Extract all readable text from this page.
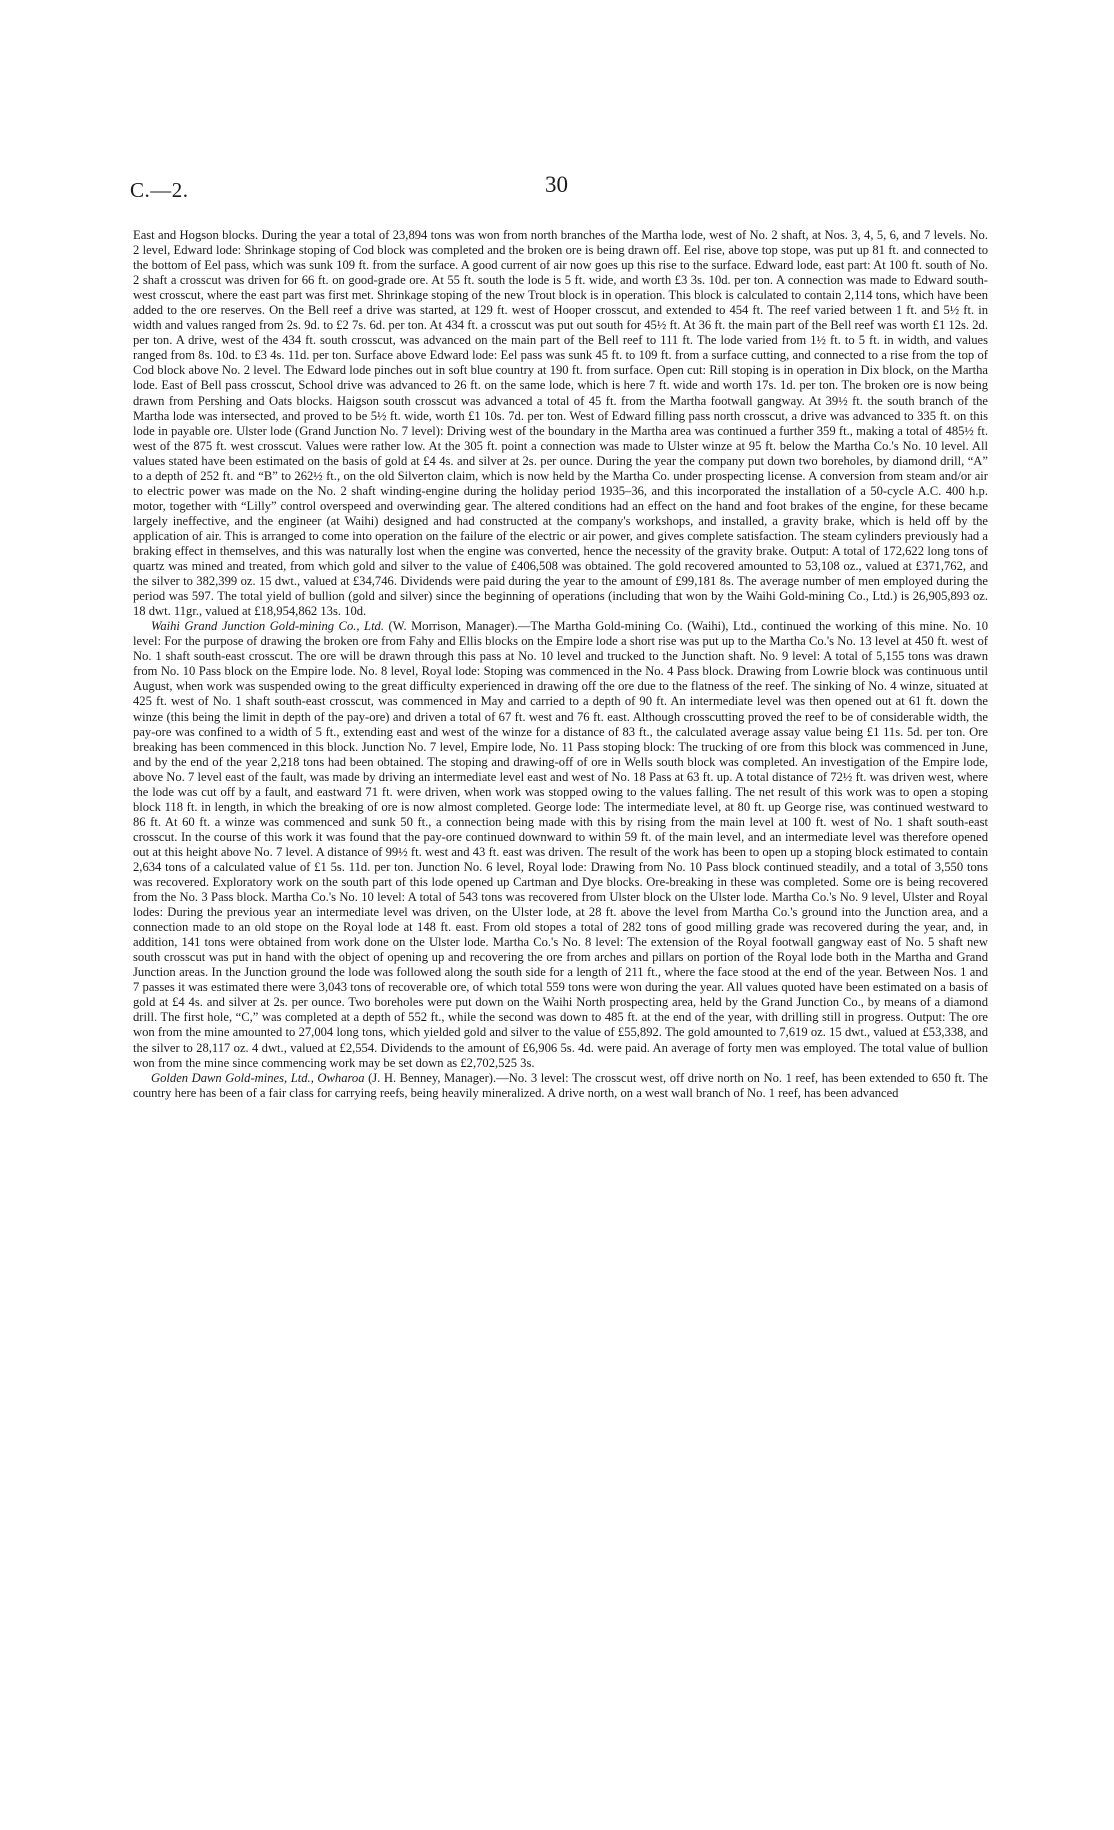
C.—2.	30

East and Hogson blocks. During the year a total of 23,894 tons was won from north branches of the Martha lode, west of No. 2 shaft, at Nos. 3, 4, 5, 6, and 7 levels. No. 2 level, Edward lode: Shrinkage stoping of Cod block was completed and the broken ore is being drawn off. Eel rise, above top stope, was put up 81 ft. and connected to the bottom of Eel pass, which was sunk 109 ft. from the surface. A good current of air now goes up this rise to the surface. Edward lode, east part: At 100 ft. south of No. 2 shaft a crosscut was driven for 66 ft. on good-grade ore. At 55 ft. south the lode is 5 ft. wide, and worth £3 3s. 10d. per ton. A connection was made to Edward south-west crosscut, where the east part was first met. Shrinkage stoping of the new Trout block is in operation. This block is calculated to contain 2,114 tons, which have been added to the ore reserves. On the Bell reef a drive was started, at 129 ft. west of Hooper crosscut, and extended to 454 ft. The reef varied between 1 ft. and 5½ ft. in width and values ranged from 2s. 9d. to £2 7s. 6d. per ton. At 434 ft. a crosscut was put out south for 45½ ft. At 36 ft. the main part of the Bell reef was worth £1 12s. 2d. per ton. A drive, west of the 434 ft. south crosscut, was advanced on the main part of the Bell reef to 111 ft. The lode varied from 1½ ft. to 5 ft. in width, and values ranged from 8s. 10d. to £3 4s. 11d. per ton. Surface above Edward lode: Eel pass was sunk 45 ft. to 109 ft. from a surface cutting, and connected to a rise from the top of Cod block above No. 2 level. The Edward lode pinches out in soft blue country at 190 ft. from surface. Open cut: Rill stoping is in operation in Dix block, on the Martha lode. East of Bell pass crosscut, School drive was advanced to 26 ft. on the same lode, which is here 7 ft. wide and worth 17s. 1d. per ton. The broken ore is now being drawn from Pershing and Oats blocks. Haigson south crosscut was advanced a total of 45 ft. from the Martha footwall gangway. At 39½ ft. the south branch of the Martha lode was intersected, and proved to be 5½ ft. wide, worth £1 10s. 7d. per ton. West of Edward filling pass north crosscut, a drive was advanced to 335 ft. on this lode in payable ore. Ulster lode (Grand Junction No. 7 level): Driving west of the boundary in the Martha area was continued a further 359 ft., making a total of 485½ ft. west of the 875 ft. west crosscut. Values were rather low. At the 305 ft. point a connection was made to Ulster winze at 95 ft. below the Martha Co.'s No. 10 level. All values stated have been estimated on the basis of gold at £4 4s. and silver at 2s. per ounce. During the year the company put down two boreholes, by diamond drill, “A” to a depth of 252 ft. and “B” to 262½ ft., on the old Silverton claim, which is now held by the Martha Co. under prospecting license. A conversion from steam and/or air to electric power was made on the No. 2 shaft winding-engine during the holiday period 1935–36, and this incorporated the installation of a 50-cycle A.C. 400 h.p. motor, together with “Lilly” control overspeed and overwinding gear. The altered conditions had an effect on the hand and foot brakes of the engine, for these became largely ineffective, and the engineer (at Waihi) designed and had constructed at the company's workshops, and installed, a gravity brake, which is held off by the application of air. This is arranged to come into operation on the failure of the electric or air power, and gives complete satisfaction. The steam cylinders previously had a braking effect in themselves, and this was naturally lost when the engine was converted, hence the necessity of the gravity brake. Output: A total of 172,622 long tons of quartz was mined and treated, from which gold and silver to the value of £406,508 was obtained. The gold recovered amounted to 53,108 oz., valued at £371,762, and the silver to 382,399 oz. 15 dwt., valued at £34,746. Dividends were paid during the year to the amount of £99,181 8s. The average number of men employed during the period was 597. The total yield of bullion (gold and silver) since the beginning of operations (including that won by the Waihi Gold-mining Co., Ltd.) is 26,905,893 oz. 18 dwt. 11gr., valued at £18,954,862 13s. 10d.

Waihi Grand Junction Gold-mining Co., Ltd. (W. Morrison, Manager).—The Martha Gold-mining Co. (Waihi), Ltd., continued the working of this mine. No. 10 level: For the purpose of drawing the broken ore from Fahy and Ellis blocks on the Empire lode a short rise was put up to the Martha Co.'s No. 13 level at 450 ft. west of No. 1 shaft south-east crosscut. The ore will be drawn through this pass at No. 10 level and trucked to the Junction shaft. No. 9 level: A total of 5,155 tons was drawn from No. 10 Pass block on the Empire lode. No. 8 level, Royal lode: Stoping was commenced in the No. 4 Pass block. Drawing from Lowrie block was continuous until August, when work was suspended owing to the great difficulty experienced in drawing off the ore due to the flatness of the reef. The sinking of No. 4 winze, situated at 425 ft. west of No. 1 shaft south-east crosscut, was commenced in May and carried to a depth of 90 ft. An intermediate level was then opened out at 61 ft. down the winze (this being the limit in depth of the pay-ore) and driven a total of 67 ft. west and 76 ft. east. Although crosscutting proved the reef to be of considerable width, the pay-ore was confined to a width of 5 ft., extending east and west of the winze for a distance of 83 ft., the calculated average assay value being £1 11s. 5d. per ton. Ore breaking has been commenced in this block. Junction No. 7 level, Empire lode, No. 11 Pass stoping block: The trucking of ore from this block was commenced in June, and by the end of the year 2,218 tons had been obtained. The stoping and drawing-off of ore in Wells south block was completed. An investigation of the Empire lode, above No. 7 level east of the fault, was made by driving an intermediate level east and west of No. 18 Pass at 63 ft. up. A total distance of 72½ ft. was driven west, where the lode was cut off by a fault, and eastward 71 ft. were driven, when work was stopped owing to the values falling. The net result of this work was to open a stoping block 118 ft. in length, in which the breaking of ore is now almost completed. George lode: The intermediate level, at 80 ft. up George rise, was continued westward to 86 ft. At 60 ft. a winze was commenced and sunk 50 ft., a connection being made with this by rising from the main level at 100 ft. west of No. 1 shaft south-east crosscut. In the course of this work it was found that the pay-ore continued downward to within 59 ft. of the main level, and an intermediate level was therefore opened out at this height above No. 7 level. A distance of 99½ ft. west and 43 ft. east was driven. The result of the work has been to open up a stoping block estimated to contain 2,634 tons of a calculated value of £1 5s. 11d. per ton. Junction No. 6 level, Royal lode: Drawing from No. 10 Pass block continued steadily, and a total of 3,550 tons was recovered. Exploratory work on the south part of this lode opened up Cartman and Dye blocks. Ore-breaking in these was completed. Some ore is being recovered from the No. 3 Pass block. Martha Co.'s No. 10 level: A total of 543 tons was recovered from Ulster block on the Ulster lode. Martha Co.'s No. 9 level, Ulster and Royal lodes: During the previous year an intermediate level was driven, on the Ulster lode, at 28 ft. above the level from Martha Co.'s ground into the Junction area, and a connection made to an old stope on the Royal lode at 148 ft. east. From old stopes a total of 282 tons of good milling grade was recovered during the year, and, in addition, 141 tons were obtained from work done on the Ulster lode. Martha Co.'s No. 8 level: The extension of the Royal footwall gangway east of No. 5 shaft new south crosscut was put in hand with the object of opening up and recovering the ore from arches and pillars on portion of the Royal lode both in the Martha and Grand Junction areas. In the Junction ground the lode was followed along the south side for a length of 211 ft., where the face stood at the end of the year. Between Nos. 1 and 7 passes it was estimated there were 3,043 tons of recoverable ore, of which total 559 tons were won during the year. All values quoted have been estimated on a basis of gold at £4 4s. and silver at 2s. per ounce. Two boreholes were put down on the Waihi North prospecting area, held by the Grand Junction Co., by means of a diamond drill. The first hole, “C,” was completed at a depth of 552 ft., while the second was down to 485 ft. at the end of the year, with drilling still in progress. Output: The ore won from the mine amounted to 27,004 long tons, which yielded gold and silver to the value of £55,892. The gold amounted to 7,619 oz. 15 dwt., valued at £53,338, and the silver to 28,117 oz. 4 dwt., valued at £2,554. Dividends to the amount of £6,906 5s. 4d. were paid. An average of forty men was employed. The total value of bullion won from the mine since commencing work may be set down as £2,702,525 3s.

Golden Dawn Gold-mines, Ltd., Owharoa (J. H. Benney, Manager).—No. 3 level: The crosscut west, off drive north on No. 1 reef, has been extended to 650 ft. The country here has been of a fair class for carrying reefs, being heavily mineralized. A drive north, on a west wall branch of No. 1 reef, has been advanced
